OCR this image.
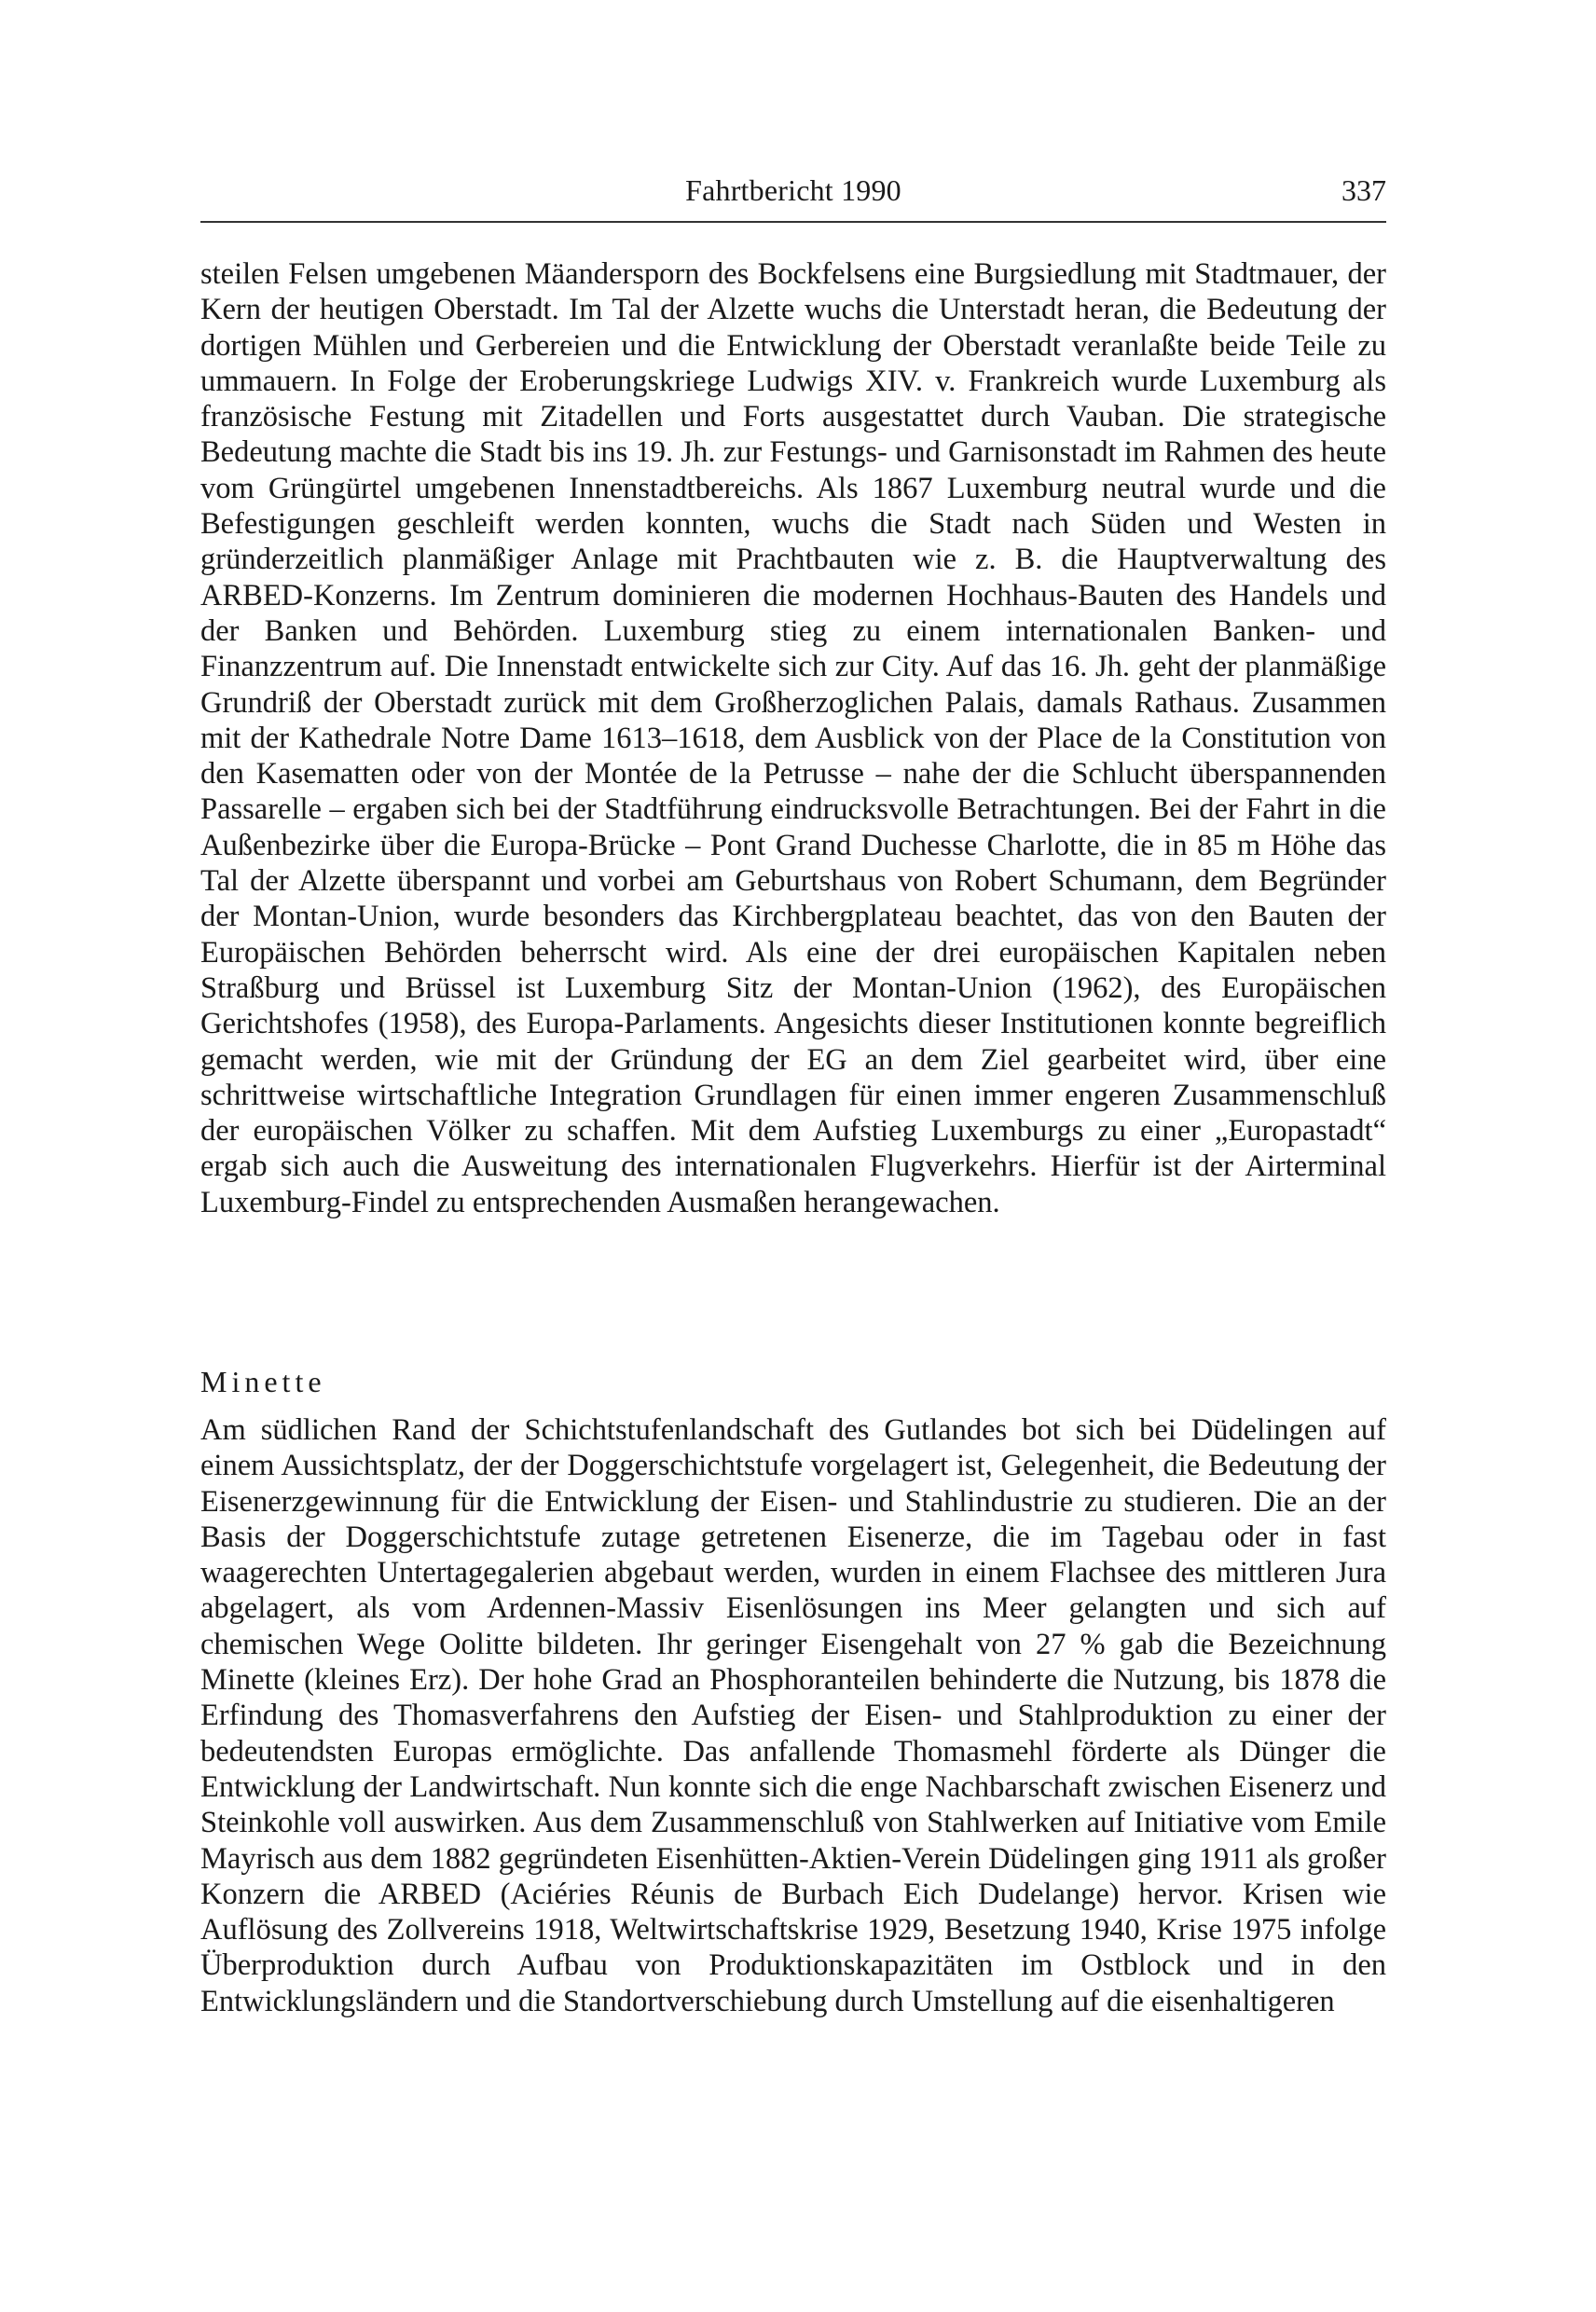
Fahrtbericht 1990	337

steilen Felsen umgebenen Mäandersporn des Bockfelsens eine Burgsiedlung mit Stadtmauer, der Kern der heutigen Oberstadt. Im Tal der Alzette wuchs die Unterstadt heran, die Bedeutung der dortigen Mühlen und Gerbereien und die Entwicklung der Oberstadt veranlaßte beide Teile zu ummauern. In Folge der Eroberungskriege Ludwigs XIV. v. Frankreich wurde Luxemburg als französische Festung mit Zitadellen und Forts ausgestattet durch Vauban. Die strategische Bedeutung machte die Stadt bis ins 19. Jh. zur Festungs- und Garnisonstadt im Rahmen des heute vom Grüngürtel umgebenen Innenstadtbereichs. Als 1867 Luxemburg neutral wurde und die Befestigungen geschleift werden konnten, wuchs die Stadt nach Süden und Westen in gründerzeitlich planmäßiger Anlage mit Prachtbauten wie z. B. die Hauptverwaltung des ARBED-Konzerns. Im Zentrum dominieren die modernen Hochhaus-Bauten des Handels und der Banken und Behörden. Luxemburg stieg zu einem internationalen Banken- und Finanzzentrum auf. Die Innenstadt entwickelte sich zur City. Auf das 16. Jh. geht der planmäßige Grundriß der Oberstadt zurück mit dem Großherzoglichen Palais, damals Rathaus. Zusammen mit der Kathedrale Notre Dame 1613–1618, dem Ausblick von der Place de la Constitution von den Kasematten oder von der Montée de la Petrusse – nahe der die Schlucht überspannenden Passarelle – ergaben sich bei der Stadtführung eindrucksvolle Betrachtungen. Bei der Fahrt in die Außenbezirke über die Europa-Brücke – Pont Grand Duchesse Charlotte, die in 85 m Höhe das Tal der Alzette überspannt und vorbei am Geburtshaus von Robert Schumann, dem Begründer der Montan-Union, wurde besonders das Kirchbergplateau beachtet, das von den Bauten der Europäischen Behörden beherrscht wird. Als eine der drei europäischen Kapitalen neben Straßburg und Brüssel ist Luxemburg Sitz der Montan-Union (1962), des Europäischen Gerichtshofes (1958), des Europa-Parlaments. Angesichts dieser Institutionen konnte begreiflich gemacht werden, wie mit der Gründung der EG an dem Ziel gearbeitet wird, über eine schrittweise wirtschaftliche Integration Grundlagen für einen immer engeren Zusammenschluß der europäischen Völker zu schaffen. Mit dem Aufstieg Luxemburgs zu einer „Europastadt“ ergab sich auch die Ausweitung des internationalen Flugverkehrs. Hierfür ist der Airterminal Luxemburg-Findel zu entsprechenden Ausmaßen herangewachen.

Minette

Am südlichen Rand der Schichtstufenlandschaft des Gutlandes bot sich bei Düdelingen auf einem Aussichtsplatz, der der Doggerschichtstufe vorgelagert ist, Gelegenheit, die Bedeutung der Eisenerzgewinnung für die Entwicklung der Eisen- und Stahlindustrie zu studieren. Die an der Basis der Doggerschichtstufe zutage getretenen Eisenerze, die im Tagebau oder in fast waagerechten Untertagegalerien abgebaut werden, wurden in einem Flachsee des mittleren Jura abgelagert, als vom Ardennen-Massiv Eisenlösungen ins Meer gelangten und sich auf chemischen Wege Oolitte bildeten. Ihr geringer Eisengehalt von 27 % gab die Bezeichnung Minette (kleines Erz). Der hohe Grad an Phosphoranteilen behinderte die Nutzung, bis 1878 die Erfindung des Thomasverfahrens den Aufstieg der Eisen- und Stahlproduktion zu einer der bedeutendsten Europas ermöglichte. Das anfallende Thomasmehl förderte als Dünger die Entwicklung der Landwirtschaft. Nun konnte sich die enge Nachbarschaft zwischen Eisenerz und Steinkohle voll auswirken. Aus dem Zusammenschluß von Stahlwerken auf Initiative vom Emile Mayrisch aus dem 1882 gegründeten Eisenhütten-Aktien-Verein Düdelingen ging 1911 als großer Konzern die ARBED (Aciéries Réunis de Burbach Eich Dudelange) hervor. Krisen wie Auflösung des Zollvereins 1918, Weltwirtschaftskrise 1929, Besetzung 1940, Krise 1975 infolge Überproduktion durch Aufbau von Produktionskapazitäten im Ostblock und in den Entwicklungsländern und die Standortverschiebung durch Umstellung auf die eisenhaltigeren
